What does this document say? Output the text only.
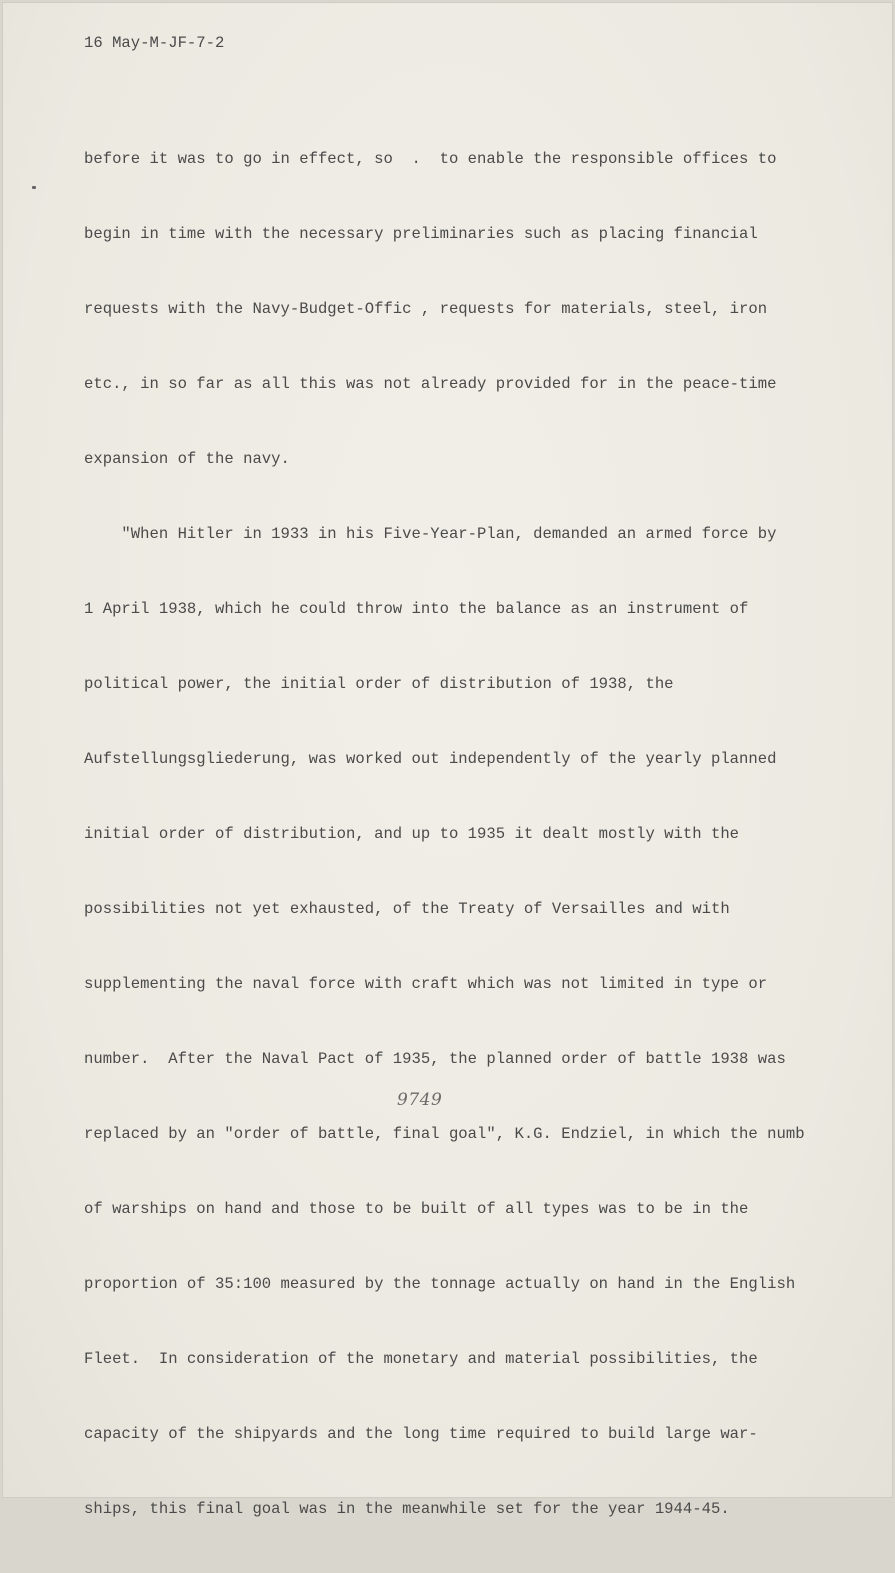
16 May-M-JF-7-2

before it was to go in effect, so  .  to enable the responsible offices to

begin in time with the necessary preliminaries such as placing financial

requests with the Navy-Budget-Offic , requests for materials, steel, iron

etc., in so far as all this was not already provided for in the peace-time

expansion of the navy.

"When Hitler in 1933 in his Five-Year-Plan, demanded an armed force by

1 April 1938, which he could throw into the balance as an instrument of

political power, the initial order of distribution of 1938, the

Aufstellungsgliederung, was worked out independently of the yearly planned

initial order of distribution, and up to 1935 it dealt mostly with the

possibilities not yet exhausted, of the Treaty of Versailles and with

supplementing the naval force with craft which was not limited in type or

number.  After the Naval Pact of 1935, the planned order of battle 1938 was

replaced by an "order of battle, final goal", K.G. Endziel, in which the numb

of warships on hand and those to be built of all types was to be in the

proportion of 35:100 measured by the tonnage actually on hand in the English

Fleet.  In consideration of the monetary and material possibilities, the

capacity of the shipyards and the long time required to build large war-

ships, this final goal was in the meanwhile set for the year 1944-45.

9749
